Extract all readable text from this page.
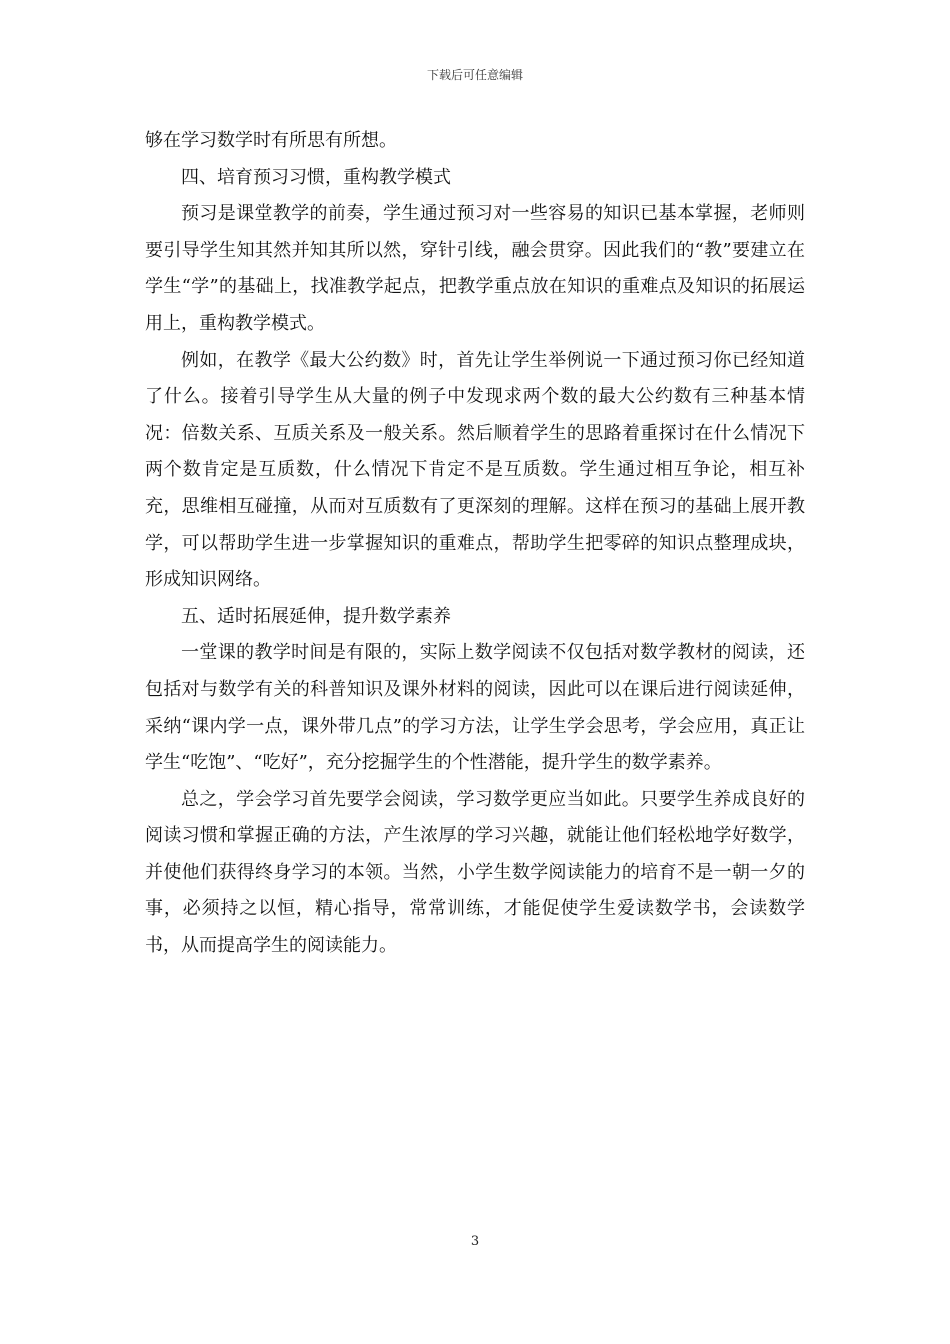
下载后可任意编辑

够在学习数学时有所思有所想。

四、培育预习习惯，重构教学模式

预习是课堂教学的前奏，学生通过预习对一些容易的知识已基本掌握，老师则要引导学生知其然并知其所以然，穿针引线，融会贯穿。因此我们的“教”要建立在学生“学”的基础上，找准教学起点，把教学重点放在知识的重难点及知识的拓展运用上，重构教学模式。

例如，在教学《最大公约数》时，首先让学生举例说一下通过预习你已经知道了什么。接着引导学生从大量的例子中发现求两个数的最大公约数有三种基本情况：倍数关系、互质关系及一般关系。然后顺着学生的思路着重探讨在什么情况下两个数肯定是互质数，什么情况下肯定不是互质数。学生通过相互争论，相互补充，思维相互碰撞，从而对互质数有了更深刻的理解。这样在预习的基础上展开教学，可以帮助学生进一步掌握知识的重难点，帮助学生把零碎的知识点整理成块，形成知识网络。

五、适时拓展延伸，提升数学素养

一堂课的教学时间是有限的，实际上数学阅读不仅包括对数学教材的阅读，还包括对与数学有关的科普知识及课外材料的阅读，因此可以在课后进行阅读延伸，采纳“课内学一点，课外带几点”的学习方法，让学生学会思考，学会应用，真正让学生“吃饱”、“吃好”，充分挖掘学生的个性潜能，提升学生的数学素养。

总之，学会学习首先要学会阅读，学习数学更应当如此。只要学生养成良好的阅读习惯和掌握正确的方法，产生浓厚的学习兴趣，就能让他们轻松地学好数学，并使他们获得终身学习的本领。当然，小学生数学阅读能力的培育不是一朝一夕的事，必须持之以恒，精心指导，常常训练，才能促使学生爱读数学书，会读数学书，从而提高学生的阅读能力。

3
